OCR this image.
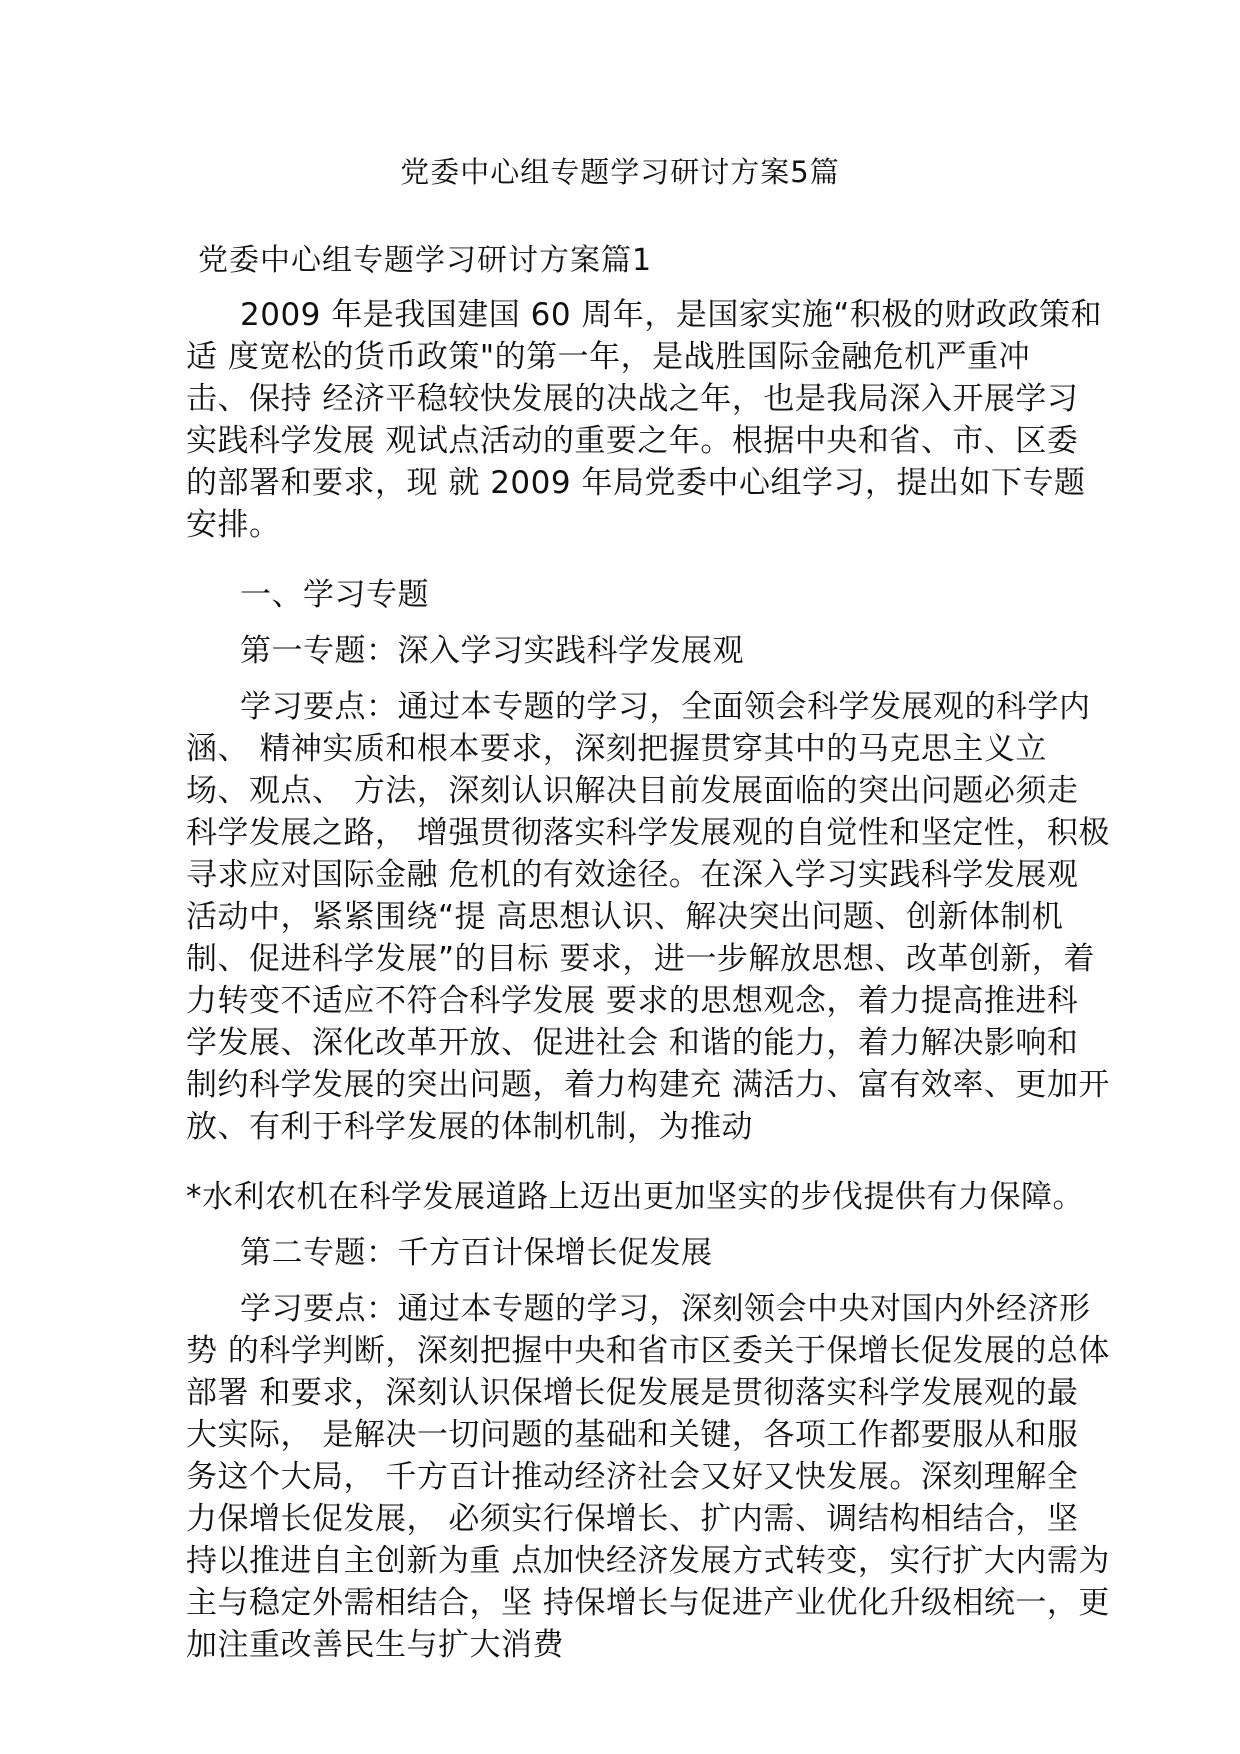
党委中心组专题学习研讨方案5篇
党委中心组专题学习研讨方案篇1
2009 年是我国建国 60 周年，是国家实施“积极的财政政策和
适 度宽松的货币政策"的第一年，是战胜国际金融危机严重冲
击、保持 经济平稳较快发展的决战之年，也是我局深入开展学习
实践科学发展 观试点活动的重要之年。根据中央和省、市、区委
的部署和要求，现 就 2009 年局党委中心组学习，提出如下专题
安排。
一、学习专题
第一专题：深入学习实践科学发展观
学习要点：通过本专题的学习，全面领会科学发展观的科学内
涵、 精神实质和根本要求，深刻把握贯穿其中的马克思主义立
场、观点、 方法，深刻认识解决目前发展面临的突出问题必须走
科学发展之路， 增强贯彻落实科学发展观的自觉性和坚定性，积极
寻求应对国际金融 危机的有效途径。在深入学习实践科学发展观
活动中，紧紧围绕“提 高思想认识、解决突出问题、创新体制机
制、促进科学发展”的目标 要求，进一步解放思想、改革创新，着
力转变不适应不符合科学发展 要求的思想观念，着力提高推进科
学发展、深化改革开放、促进社会 和谐的能力，着力解决影响和
制约科学发展的突出问题，着力构建充 满活力、富有效率、更加开
放、有利于科学发展的体制机制，为推动
*水利农机在科学发展道路上迈出更加坚实的步伐提供有力保障。
第二专题：千方百计保增长促发展
学习要点：通过本专题的学习，深刻领会中央对国内外经济形
势 的科学判断，深刻把握中央和省市区委关于保增长促发展的总体
部署 和要求，深刻认识保增长促发展是贯彻落实科学发展观的最
大实际， 是解决一切问题的基础和关键，各项工作都要服从和服
务这个大局， 千方百计推动经济社会又好又快发展。深刻理解全
力保增长促发展， 必须实行保增长、扩内需、调结构相结合，坚
持以推进自主创新为重 点加快经济发展方式转变，实行扩大内需为
主与稳定外需相结合，坚 持保增长与促进产业优化升级相统一，更
加注重改善民生与扩大消费
